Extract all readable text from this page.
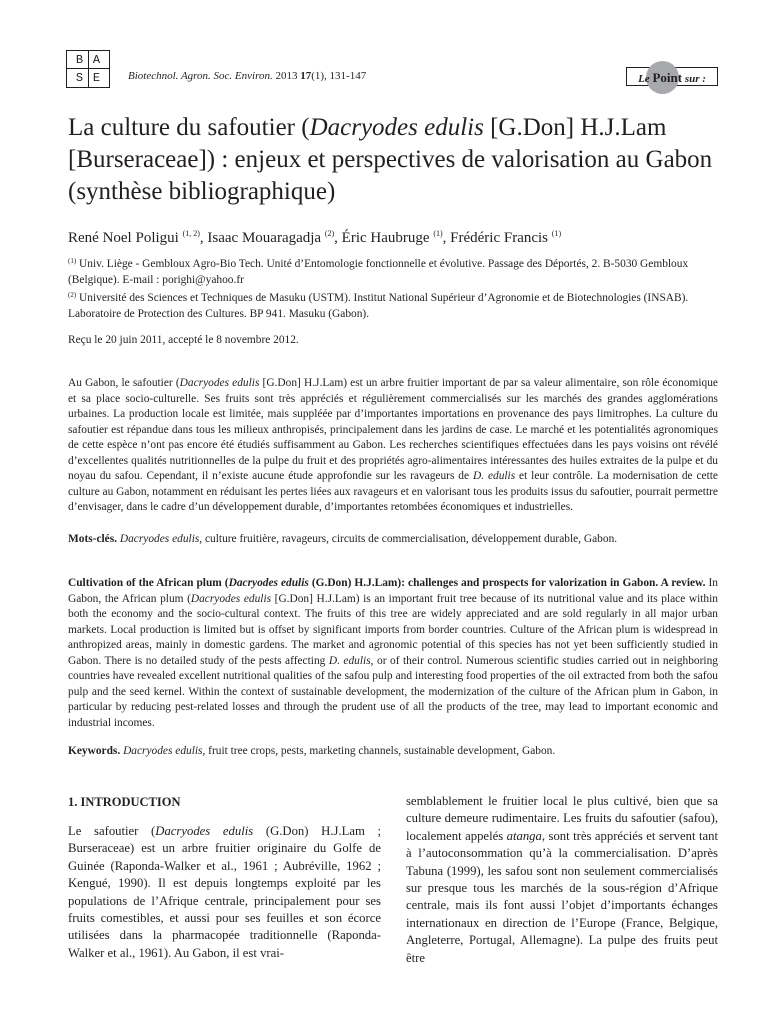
B A
S E	Biotechnol. Agron. Soc. Environ. 2013 17(1), 131-147	Le Point sur :
La culture du safoutier (Dacryodes edulis [G.Don] H.J.Lam [Burseraceae]) : enjeux et perspectives de valorisation au Gabon (synthèse bibliographique)
René Noel Poligui $^{(1, 2)}$, Isaac Mouaragadja $^{(2)}$, Éric Haubruge $^{(1)}$, Frédéric Francis $^{(1)}$

$^{(1)}$ Univ. Liège - Gembloux Agro-Bio Tech. Unité d’Entomologie fonctionnelle et évolutive. Passage des Déportés, 2. B-5030 Gembloux (Belgique). E-mail : porighi@yahoo.fr

$^{(2)}$ Université des Sciences et Techniques de Masuku (USTM). Institut National Supérieur d’Agronomie et de Biotechnologies (INSAB). Laboratoire de Protection des Cultures. BP 941. Masuku (Gabon).

Reçu le 20 juin 2011, accepté le 8 novembre 2012.

Au Gabon, le safoutier (Dacryodes edulis [G.Don] H.J.Lam) est un arbre fruitier important de par sa valeur alimentaire, son rôle économique et sa place socio-culturelle. Ses fruits sont très appréciés et régulièrement commercialisés sur les marchés des grandes agglomérations urbaines. La production locale est limitée, mais suppléée par d’importantes importations en provenance des pays limitrophes. La culture du safoutier est répandue dans tous les milieux anthropisés, principalement dans les jardins de case. Le marché et les potentialités agronomiques de cette espèce n’ont pas encore été étudiés suffisamment au Gabon. Les recherches scientifiques effectuées dans les pays voisins ont révélé d’excellentes qualités nutritionnelles de la pulpe du fruit et des propriétés agro-alimentaires intéressantes des huiles extraites de la pulpe et du noyau du safou. Cependant, il n’existe aucune étude approfondie sur les ravageurs de D. edulis et leur contrôle. La modernisation de cette culture au Gabon, notamment en réduisant les pertes liées aux ravageurs et en valorisant tous les produits issus du safoutier, pourrait permettre d’envisager, dans le cadre d’un développement durable, d’importantes retombées économiques et industrielles.

Mots-clés. Dacryodes edulis, culture fruitière, ravageurs, circuits de commercialisation, développement durable, Gabon.

Cultivation of the African plum (Dacryodes edulis (G.Don) H.J.Lam): challenges and prospects for valorization in Gabon. A review. In Gabon, the African plum (Dacryodes edulis [G.Don] H.J.Lam) is an important fruit tree because of its nutritional value and its place within both the economy and the socio-cultural context. The fruits of this tree are widely appreciated and are sold regularly in all major urban markets. Local production is limited but is offset by significant imports from border countries. Culture of the African plum is widespread in anthropized areas, mainly in domestic gardens. The market and agronomic potential of this species has not yet been sufficiently studied in Gabon. There is no detailed study of the pests affecting D. edulis, or of their control. Numerous scientific studies carried out in neighboring countries have revealed excellent nutritional qualities of the safou pulp and interesting food properties of the oil extracted from both the safou pulp and the seed kernel. Within the context of sustainable development, the modernization of the culture of the African plum in Gabon, in particular by reducing pest-related losses and through the prudent use of all the products of the tree, may lead to important economic and industrial incomes.

Keywords. Dacryodes edulis, fruit tree crops, pests, marketing channels, sustainable development, Gabon.

1. INTRODUCTION

Le safoutier (Dacryodes edulis (G.Don) H.J.Lam ; Burseraceae) est un arbre fruitier originaire du Golfe de Guinée (Raponda-Walker et al., 1961 ; Aubréville, 1962 ; Kengué, 1990). Il est depuis longtemps exploité par les populations de l’Afrique centrale, principalement pour ses fruits comestibles, et aussi pour ses feuilles et son écorce utilisées dans la pharmacopée traditionnelle (Raponda-Walker et al., 1961). Au Gabon, il est vrai-

semblablement le fruitier local le plus cultivé, bien que sa culture demeure rudimentaire. Les fruits du safoutier (safou), localement appelés atanga, sont très appréciés et servent tant à l’autoconsommation qu’à la commercialisation. D’après Tabuna (1999), les safou sont non seulement commercialisés sur presque tous les marchés de la sous-région d’Afrique centrale, mais ils font aussi l’objet d’importants échanges internationaux en direction de l’Europe (France, Belgique, Angleterre, Portugal, Allemagne). La pulpe des fruits peut être
